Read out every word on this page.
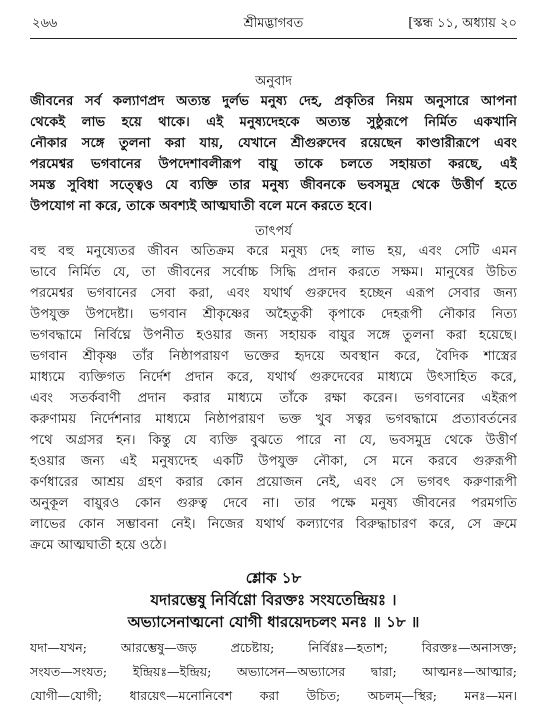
২৬৬	শ্রীমদ্ভাগবত	[স্কন্ধ ১১, অধ্যায় ২০
অনুবাদ
জীবনের সর্ব কল্যাণপ্রদ অত্যন্ত দুর্লভ মনুষ্য দেহ, প্রকৃতির নিয়ম অনুসারে আপনা
থেকেই লাভ হয়ে থাকে। এই মনুষ্যদেহকে অত্যন্ত সুষ্ঠুরূপে নির্মিত একখানি
নৌকার সঙ্গে তুলনা করা যায়, যেখানে শ্রীগুরুদেব রয়েছেন কাণ্ডারীরূপে এবং
পরমেশ্বর ভগবানের উপদেশাবলীরূপ বায়ু তাকে চলতে সহায়তা করছে, এই
সমস্ত সুবিধা সত্ত্বেও যে ব্যক্তি তার মনুষ্য জীবনকে ভবসমুদ্র থেকে উত্তীর্ণ হতে
উপযোগ না করে, তাকে অবশ্যই আত্মঘাতী বলে মনে করতে হবে।
তাৎপর্য
বহু বহু মনুষ্যেতর জীবন অতিক্রম করে মনুষ্য দেহ লাভ হয়, এবং সেটি এমন
ভাবে নির্মিত যে, তা জীবনের সর্বোচ্চ সিদ্ধি প্রদান করতে সক্ষম। মানুষের উচিত
পরমেশ্বর ভগবানের সেবা করা, এবং যথার্থ গুরুদেব হচ্ছেন এরূপ সেবার জন্য
উপযুক্ত উপদেষ্টা। ভগবান শ্রীকৃষ্ণের অহৈতুকী কৃপাকে দেহরূপী নৌকার নিত্য
ভগবদ্ধামে নির্বিঘ্নে উপনীত হওয়ার জন্য সহায়ক বায়ুর সঙ্গে তুলনা করা হয়েছে।
ভগবান শ্রীকৃষ্ণ তাঁর নিষ্ঠাপরায়ণ ভক্তের হৃদয়ে অবস্থান করে, বৈদিক শাস্ত্রের
মাধ্যমে ব্যক্তিগত নির্দেশ প্রদান করে, যথার্থ গুরুদেবের মাধ্যমে উৎসাহিত করে,
এবং সতর্কবাণী প্রদান করার মাধ্যমে তাঁকে রক্ষা করেন। ভগবানের এইরূপ
করুণাময় নির্দেশনার মাধ্যমে নিষ্ঠাপরায়ণ ভক্ত খুব সত্বর ভগবদ্ধামে প্রত্যাবর্তনের
পথে অগ্রসর হন। কিন্তু যে ব্যক্তি বুঝতে পারে না যে, ভবসমুদ্র থেকে উত্তীর্ণ
হওয়ার জন্য এই মনুষ্যদেহ একটি উপযুক্ত নৌকা, সে মনে করবে গুরুরূপী
কর্ণধারের আশ্রয় গ্রহণ করার কোন প্রয়োজন নেই, এবং সে ভগবৎ করুণারূপী
অনুকূল বায়ুরও কোন গুরুত্ব দেবে না। তার পক্ষে মনুষ্য জীবনের পরমগতি
লাভের কোন সম্ভাবনা নেই। নিজের যথার্থ কল্যাণের বিরুদ্ধাচারণ করে, সে ক্রমে
ক্রমে আত্মঘাতী হয়ে ওঠে।
শ্লোক ১৮
যদারম্ভেষু নির্বিণ্ণো বিরক্তঃ সংযতেন্দ্রিয়ঃ ।
অভ্যাসেনাত্মনো যোগী ধারয়েদচলং মনঃ ॥ ১৮ ॥
যদা—যখন; আরম্ভেষু—জড় প্রচেষ্টায়; নির্বিণ্ণঃ—হতাশ; বিরক্তঃ—অনাসক্ত;
সংযত—সংযত; ইন্দ্রিয়ঃ—ইন্দ্রিয়; অভ্যাসেন—অভ্যাসের দ্বারা; আত্মনঃ—আত্মার;
যোগী—যোগী; ধারয়েৎ—মনোনিবেশ করা উচিত; অচলম্—স্থির; মনঃ—মন।
